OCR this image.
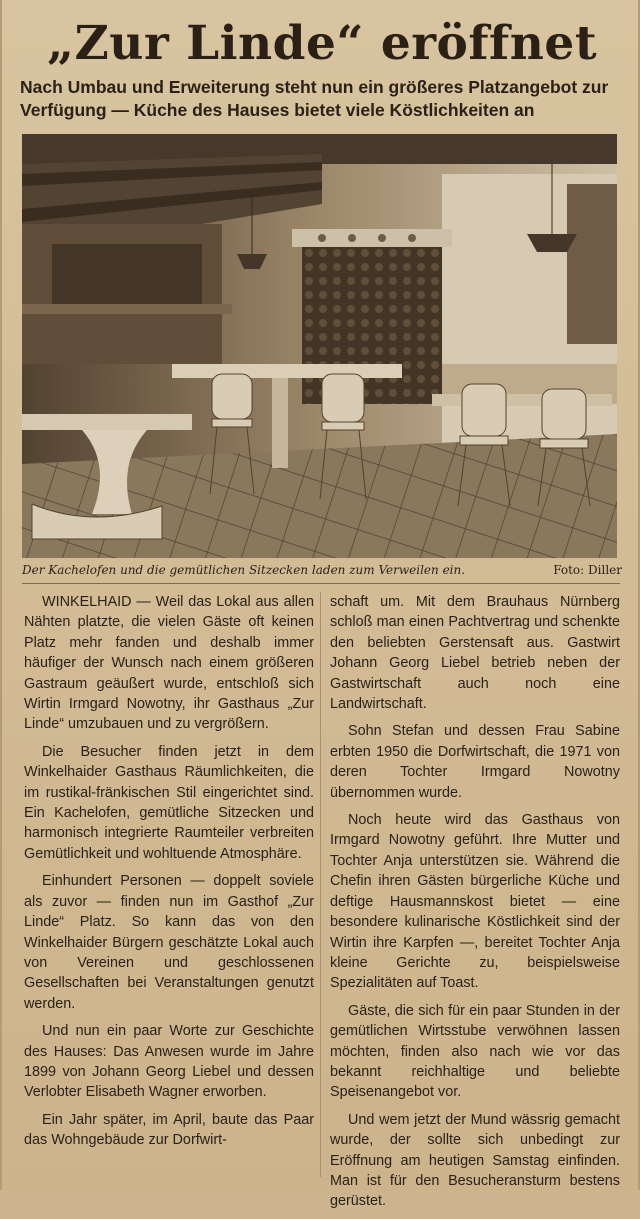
„Zur Linde“ eröffnet

Nach Umbau und Erweiterung steht nun ein größeres Platzangebot zur Verfügung — Küche des Hauses bietet viele Köstlichkeiten an

Der Kachelofen und die gemütlichen Sitzecken laden zum Verweilen ein.	Foto: Diller

WINKELHAID — Weil das Lokal aus allen Nähten platzte, die vielen Gäste oft keinen Platz mehr fanden und deshalb immer häufiger der Wunsch nach einem größeren Gastraum geäußert wurde, entschloß sich Wirtin Irmgard Nowotny, ihr Gasthaus „Zur Linde“ umzubauen und zu vergrößern.

Die Besucher finden jetzt in dem Winkelhaider Gasthaus Räumlichkeiten, die im rustikal-fränkischen Stil eingerichtet sind. Ein Kachelofen, gemütliche Sitzecken und harmonisch integrierte Raumteiler verbreiten Gemütlichkeit und wohltuende Atmosphäre.

Einhundert Personen — doppelt soviele als zuvor — finden nun im Gasthof „Zur Linde“ Platz. So kann das von den Winkelhaider Bürgern geschätzte Lokal auch von Vereinen und geschlossenen Gesellschaften bei Veranstaltungen genutzt werden.

Und nun ein paar Worte zur Geschichte des Hauses: Das Anwesen wurde im Jahre 1899 von Johann Georg Liebel und dessen Verlobter Elisabeth Wagner erworben.

Ein Jahr später, im April, baute das Paar das Wohngebäude zur Dorfwirt-

schaft um. Mit dem Brauhaus Nürnberg schloß man einen Pachtvertrag und schenkte den beliebten Gerstensaft aus. Gastwirt Johann Georg Liebel betrieb neben der Gastwirtschaft auch noch eine Landwirtschaft.

Sohn Stefan und dessen Frau Sabine erbten 1950 die Dorfwirtschaft, die 1971 von deren Tochter Irmgard Nowotny übernommen wurde.

Noch heute wird das Gasthaus von Irmgard Nowotny geführt. Ihre Mutter und Tochter Anja unterstützen sie. Während die Chefin ihren Gästen bürgerliche Küche und deftige Hausmannskost bietet — eine besondere kulinarische Köstlichkeit sind der Wirtin ihre Karpfen —, bereitet Tochter Anja kleine Gerichte zu, beispielsweise Spezialitäten auf Toast.

Gäste, die sich für ein paar Stunden in der gemütlichen Wirtsstube verwöhnen lassen möchten, finden also nach wie vor das bekannt reichhaltige und beliebte Speisenangebot vor.

Und wem jetzt der Mund wässrig gemacht wurde, der sollte sich unbedingt zur Eröffnung am heutigen Samstag einfinden. Man ist für den Besucheransturm bestens gerüstet.
